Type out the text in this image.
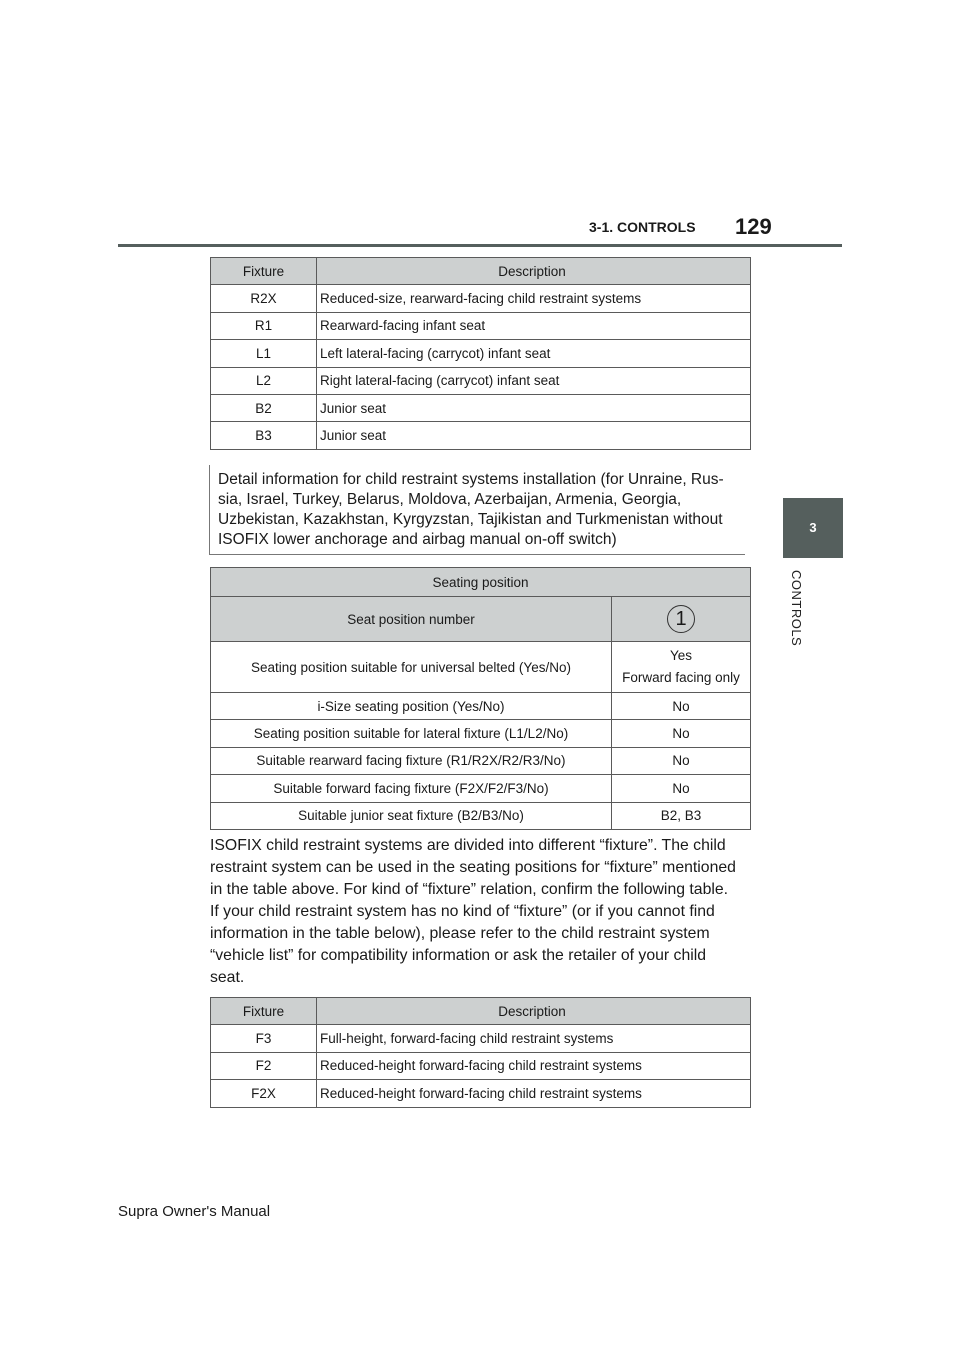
3-1. CONTROLS 129
3
CONTROLS
Fixture	Description
R2X	Reduced-size, rearward-facing child restraint systems
R1	Rearward-facing infant seat
L1	Left lateral-facing (carrycot) infant seat
L2	Right lateral-facing (carrycot) infant seat
B2	Junior seat
B3	Junior seat
Detail information for child restraint systems installation (for Unraine, Rus-
sia, Israel, Turkey, Belarus, Moldova, Azerbaijan, Armenia, Georgia,
Uzbekistan, Kazakhstan, Kyrgyzstan, Tajikistan and Turkmenistan without
ISOFIX lower anchorage and airbag manual on-off switch)
Seating position	
Seat position number	1
Seating position suitable for universal belted (Yes/No)	Yes
Forward facing only

i-Size seating position (Yes/No)	No
Seating position suitable for lateral fixture (L1/L2/No)	No
Suitable rearward facing fixture (R1/R2X/R2/R3/No)	No
Suitable forward facing fixture (F2X/F2/F3/No)	No
Suitable junior seat fixture (B2/B3/No)	B2, B3
ISOFIX child restraint systems are divided into different “fixture”. The child
restraint system can be used in the seating positions for “fixture” mentioned
in the table above. For kind of “fixture” relation, confirm the following table.
If your child restraint system has no kind of “fixture” (or if you cannot find
information in the table below), please refer to the child restraint system
“vehicle list” for compatibility information or ask the retailer of your child
seat.
Fixture	Description
F3	Full-height, forward-facing child restraint systems
F2	Reduced-height forward-facing child restraint systems
F2X	Reduced-height forward-facing child restraint systems
Supra Owner's Manual
